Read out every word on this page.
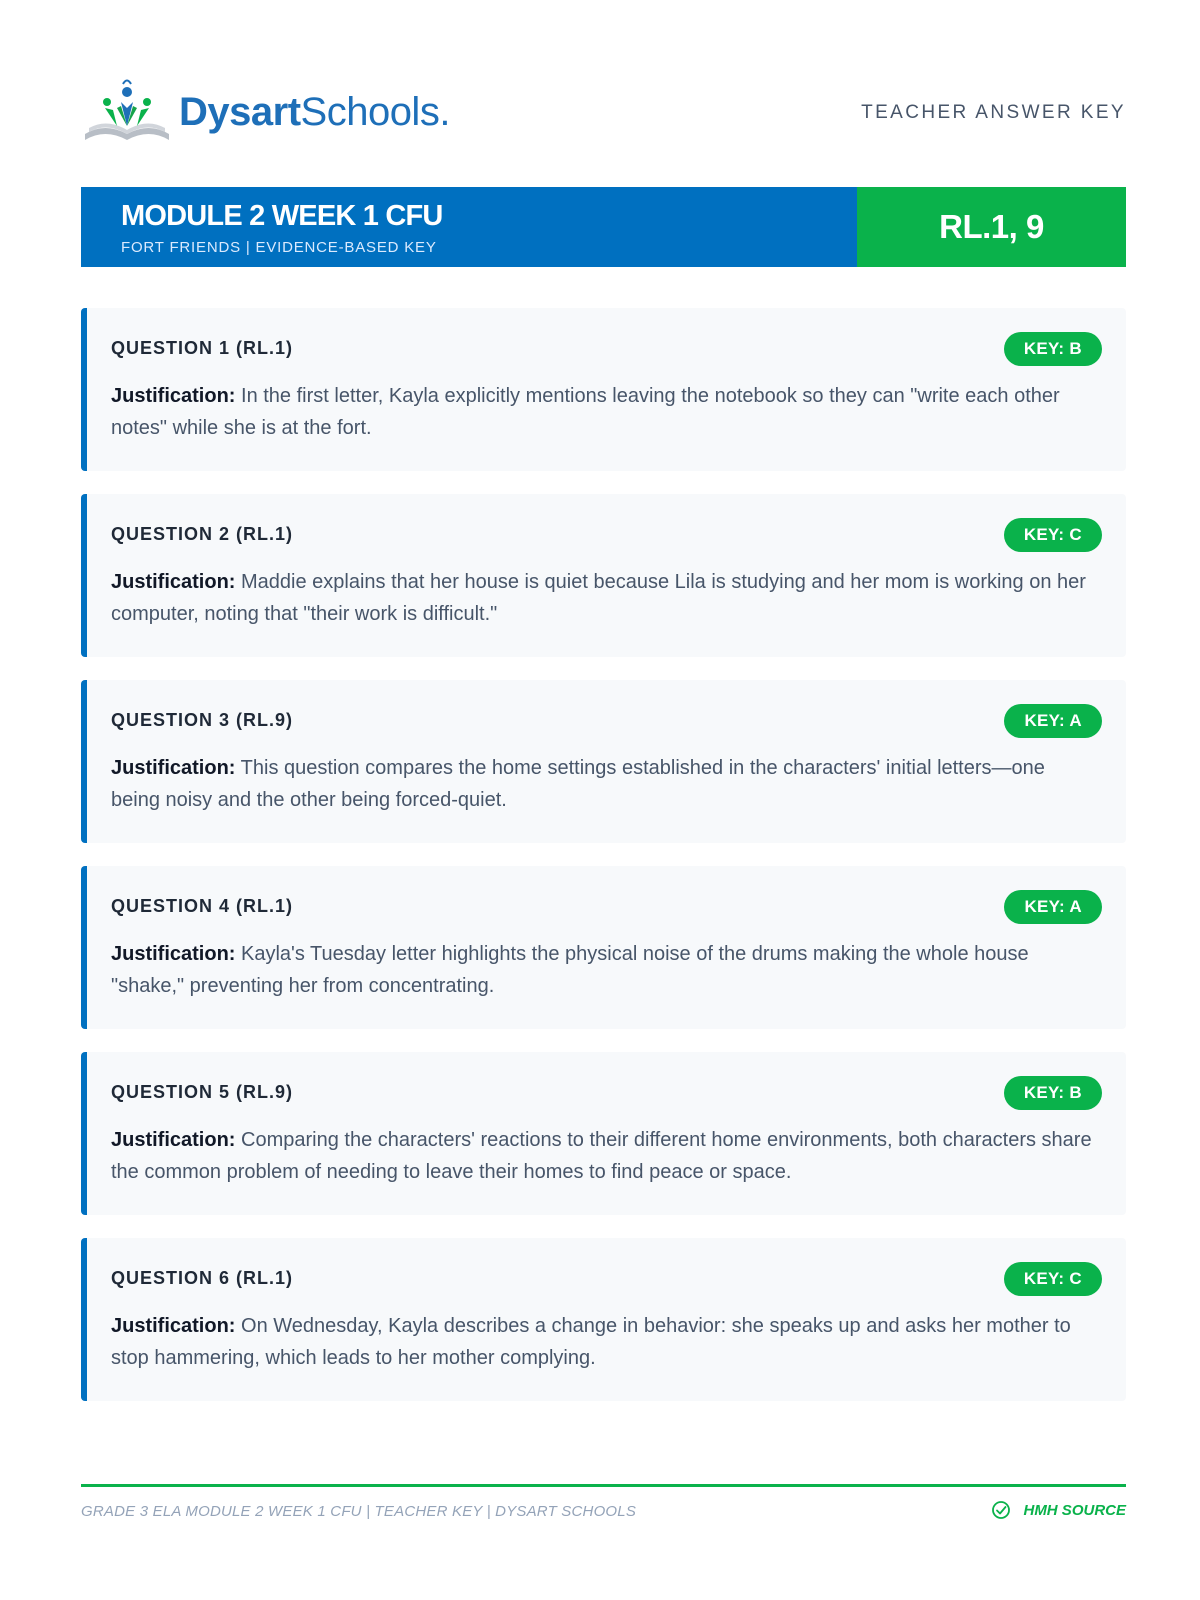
DysartSchools.	TEACHER ANSWER KEY
MODULE 2 WEEK 1 CFU
FORT FRIENDS | EVIDENCE-BASED KEY
RL.1, 9
QUESTION 1 (RL.1)	KEY: B
Justification: In the first letter, Kayla explicitly mentions leaving the notebook so they can "write each other notes" while she is at the fort.
QUESTION 2 (RL.1)	KEY: C
Justification: Maddie explains that her house is quiet because Lila is studying and her mom is working on her computer, noting that "their work is difficult."
QUESTION 3 (RL.9)	KEY: A
Justification: This question compares the home settings established in the characters' initial letters—one being noisy and the other being forced-quiet.
QUESTION 4 (RL.1)	KEY: A
Justification: Kayla's Tuesday letter highlights the physical noise of the drums making the whole house "shake," preventing her from concentrating.
QUESTION 5 (RL.9)	KEY: B
Justification: Comparing the characters' reactions to their different home environments, both characters share the common problem of needing to leave their homes to find peace or space.
QUESTION 6 (RL.1)	KEY: C
Justification: On Wednesday, Kayla describes a change in behavior: she speaks up and asks her mother to stop hammering, which leads to her mother complying.
GRADE 3 ELA MODULE 2 WEEK 1 CFU | TEACHER KEY | DYSART SCHOOLS	HMH SOURCE
